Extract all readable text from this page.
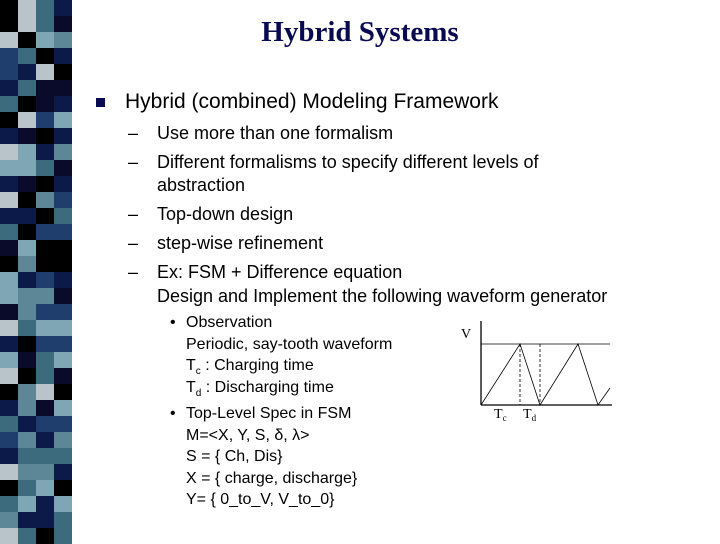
Hybrid Systems
Hybrid (combined) Modeling Framework
– Use more than one formalism
– Different formalisms to specify different levels of
abstraction
– Top-down design
– step-wise refinement
– Ex: FSM + Difference equation
Design and Implement the following waveform generator
• Observation
Periodic, say-tooth waveform
$T_c$ : Charging time
$T_d$ : Discharging time
• Top-Level Spec in FSM
M=<X, Y, S, δ, λ>
S = { Ch, Dis}
X = { charge, discharge}
Y= { 0_to_V, V_to_0}
V
$T_c$ $T_d$
